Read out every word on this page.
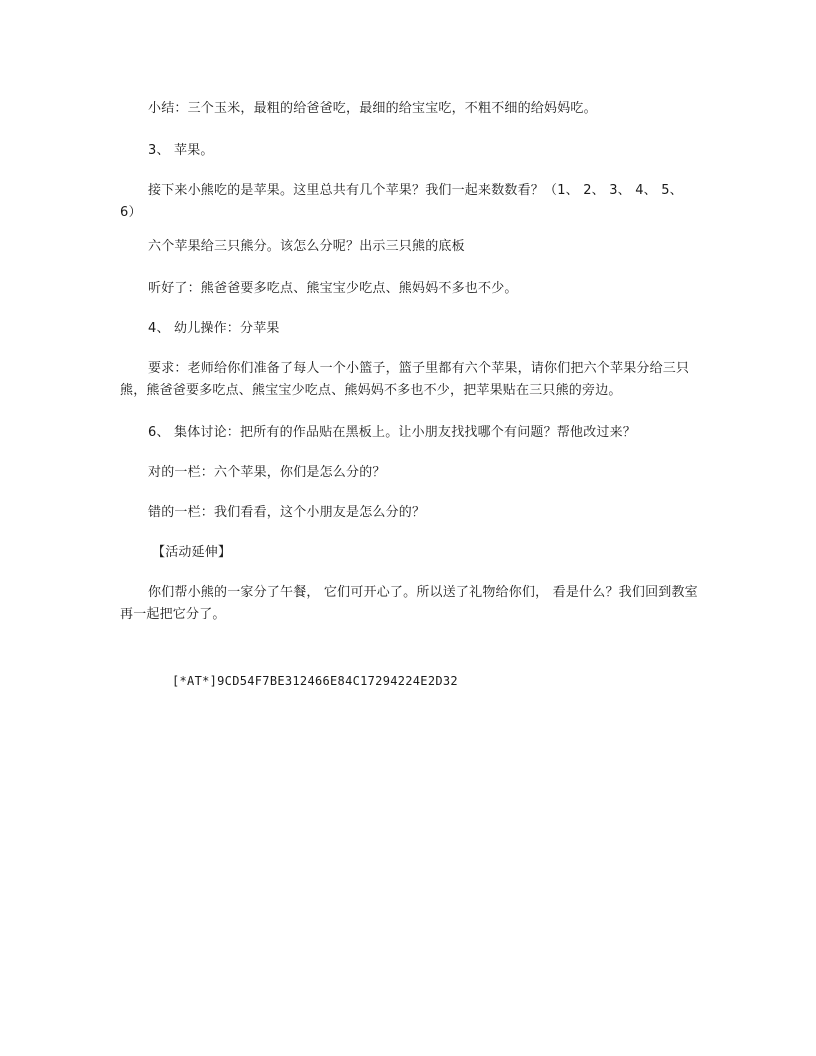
小结：三个玉米，最粗的给爸爸吃，最细的给宝宝吃，不粗不细的给妈妈吃。

3、 苹果。

接下来小熊吃的是苹果。这里总共有几个苹果？我们一起来数数看？（1、 2、 3、 4、 5、 6）

六个苹果给三只熊分。该怎么分呢？出示三只熊的底板

听好了：熊爸爸要多吃点、熊宝宝少吃点、熊妈妈不多也不少。

4、 幼儿操作：分苹果

要求：老师给你们准备了每人一个小篮子，篮子里都有六个苹果，请你们把六个苹果分给三只熊，熊爸爸要多吃点、熊宝宝少吃点、熊妈妈不多也不少，把苹果贴在三只熊的旁边。

6、 集体讨论：把所有的作品贴在黑板上。让小朋友找找哪个有问题？帮他改过来？

对的一栏：六个苹果，你们是怎么分的？

错的一栏：我们看看，这个小朋友是怎么分的？

【活动延伸】

你们帮小熊的一家分了午餐， 它们可开心了。所以送了礼物给你们， 看是什么？我们回到教室再一起把它分了。

[*AT*]9CD54F7BE312466E84C17294224E2D32
